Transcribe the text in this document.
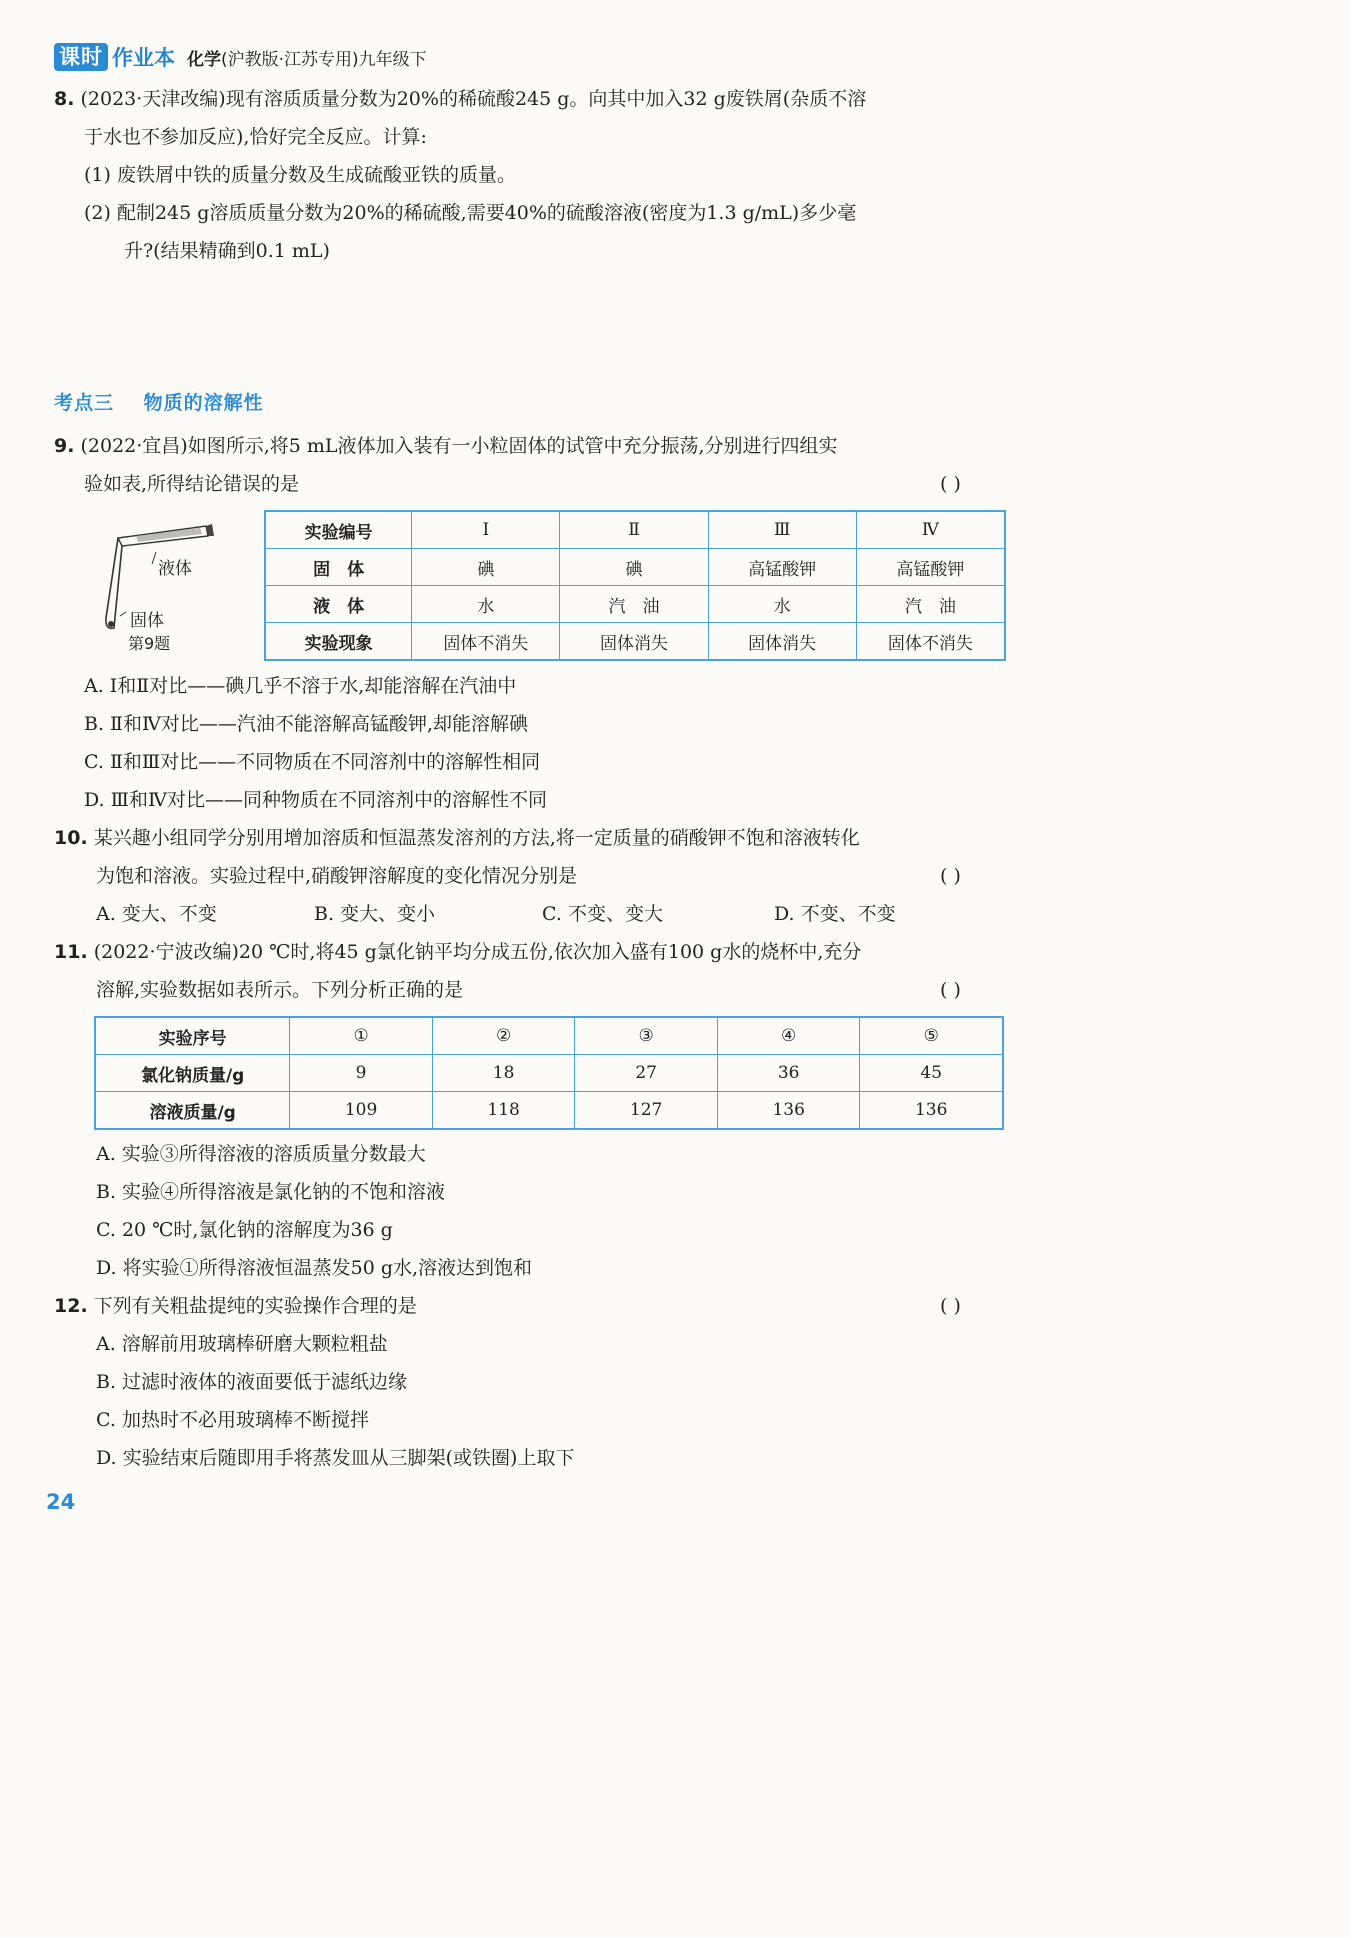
课时 作业本 化学(沪教版·江苏专用)九年级下
8. (2023·天津改编)现有溶质质量分数为20%的稀硫酸245 g。向其中加入32 g废铁屑(杂质不溶
于水也不参加反应),恰好完全反应。计算:
(1) 废铁屑中铁的质量分数及生成硫酸亚铁的质量。
(2) 配制245 g溶质质量分数为20%的稀硫酸,需要40%的硫酸溶液(密度为1.3 g/mL)多少毫
升?(结果精确到0.1 mL)
考点三 物质的溶解性
9. (2022·宜昌)如图所示,将5 mL液体加入装有一小粒固体的试管中充分振荡,分别进行四组实
验如表,所得结论错误的是	( )
液体
固体
第9题
实验编号	Ⅰ	Ⅱ	Ⅲ	Ⅳ
固　体	碘	碘	高锰酸钾	高锰酸钾
液　体	水	汽　油	水	汽　油
实验现象	固体不消失	固体消失	固体消失	固体不消失
A. Ⅰ和Ⅱ对比——碘几乎不溶于水,却能溶解在汽油中
B. Ⅱ和Ⅳ对比——汽油不能溶解高锰酸钾,却能溶解碘
C. Ⅱ和Ⅲ对比——不同物质在不同溶剂中的溶解性相同
D. Ⅲ和Ⅳ对比——同种物质在不同溶剂中的溶解性不同
10. 某兴趣小组同学分别用增加溶质和恒温蒸发溶剂的方法,将一定质量的硝酸钾不饱和溶液转化
为饱和溶液。实验过程中,硝酸钾溶解度的变化情况分别是	( )
A. 变大、不变	B. 变大、变小	C. 不变、变大	D. 不变、不变
11. (2022·宁波改编)20 ℃时,将45 g氯化钠平均分成五份,依次加入盛有100 g水的烧杯中,充分
溶解,实验数据如表所示。下列分析正确的是	( )
实验序号	①	②	③	④	⑤
氯化钠质量/g	9	18	27	36	45
溶液质量/g	109	118	127	136	136
A. 实验③所得溶液的溶质质量分数最大
B. 实验④所得溶液是氯化钠的不饱和溶液
C. 20 ℃时,氯化钠的溶解度为36 g
D. 将实验①所得溶液恒温蒸发50 g水,溶液达到饱和
12. 下列有关粗盐提纯的实验操作合理的是	( )
A. 溶解前用玻璃棒研磨大颗粒粗盐
B. 过滤时液体的液面要低于滤纸边缘
C. 加热时不必用玻璃棒不断搅拌
D. 实验结束后随即用手将蒸发皿从三脚架(或铁圈)上取下
24
